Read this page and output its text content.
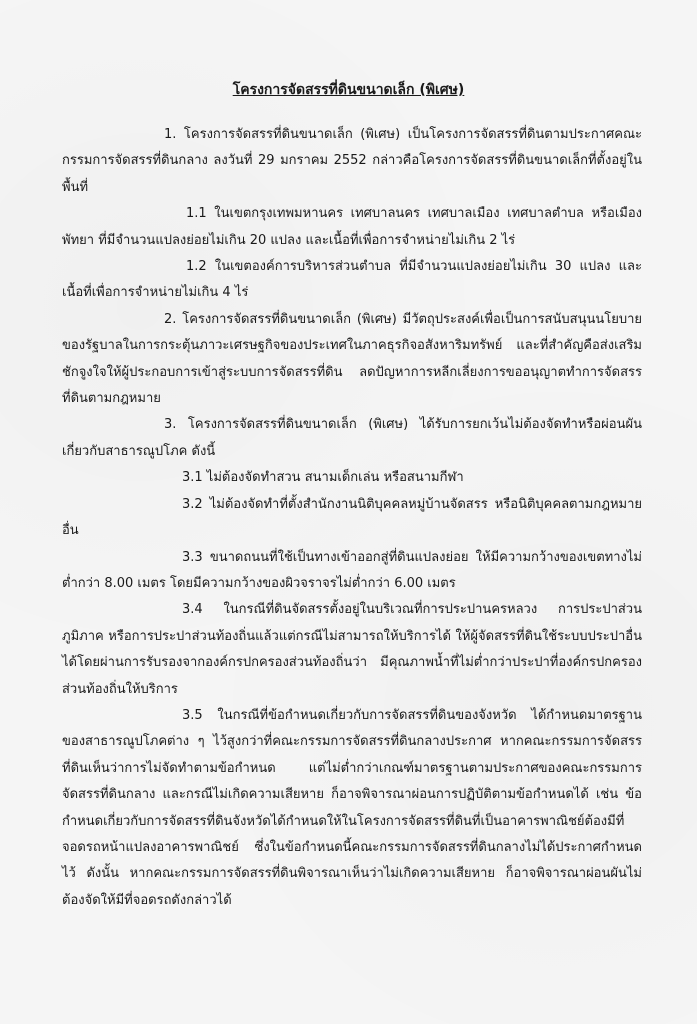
โครงการจัดสรรที่ดินขนาดเล็ก (พิเศษ)

1. โครงการจัดสรรที่ดินขนาดเล็ก (พิเศษ) เป็นโครงการจัดสรรที่ดินตามประกาศคณะกรรมการจัดสรรที่ดินกลาง ลงวันที่ 29 มกราคม 2552 กล่าวคือโครงการจัดสรรที่ดินขนาดเล็กที่ตั้งอยู่ในพื้นที่

1.1 ในเขตกรุงเทพมหานคร เทศบาลนคร เทศบาลเมือง เทศบาลตำบล หรือเมืองพัทยา ที่มีจำนวนแปลงย่อยไม่เกิน 20 แปลง และเนื้อที่เพื่อการจำหน่ายไม่เกิน 2 ไร่

1.2 ในเขตองค์การบริหารส่วนตำบล ที่มีจำนวนแปลงย่อยไม่เกิน 30 แปลง และเนื้อที่เพื่อการจำหน่ายไม่เกิน 4 ไร่

2. โครงการจัดสรรที่ดินขนาดเล็ก (พิเศษ) มีวัตถุประสงค์เพื่อเป็นการสนับสนุนนโยบายของรัฐบาลในการกระตุ้นภาวะเศรษฐกิจของประเทศในภาคธุรกิจอสังหาริมทรัพย์ และที่สำคัญคือส่งเสริมชักจูงใจให้ผู้ประกอบการเข้าสู่ระบบการจัดสรรที่ดิน ลดปัญหาการหลีกเลี่ยงการขออนุญาตทำการจัดสรรที่ดินตามกฎหมาย

3. โครงการจัดสรรที่ดินขนาดเล็ก (พิเศษ) ได้รับการยกเว้นไม่ต้องจัดทำหรือผ่อนผันเกี่ยวกับสาธารณูปโภค ดังนี้

3.1 ไม่ต้องจัดทำสวน สนามเด็กเล่น หรือสนามกีฬา

3.2 ไม่ต้องจัดทำที่ตั้งสำนักงานนิติบุคคลหมู่บ้านจัดสรร หรือนิติบุคคลตามกฎหมายอื่น

3.3 ขนาดถนนที่ใช้เป็นทางเข้าออกสู่ที่ดินแปลงย่อย ให้มีความกว้างของเขตทางไม่ต่ำกว่า 8.00 เมตร โดยมีความกว้างของผิวจราจรไม่ต่ำกว่า 6.00 เมตร

3.4 ในกรณีที่ดินจัดสรรตั้งอยู่ในบริเวณที่การประปานครหลวง การประปาส่วนภูมิภาค หรือการประปาส่วนท้องถิ่นแล้วแต่กรณีไม่สามารถให้บริการได้ ให้ผู้จัดสรรที่ดินใช้ระบบประปาอื่นได้โดยผ่านการรับรองจากองค์กรปกครองส่วนท้องถิ่นว่า มีคุณภาพน้ำที่ไม่ต่ำกว่าประปาที่องค์กรปกครองส่วนท้องถิ่นให้บริการ

3.5 ในกรณีที่ข้อกำหนดเกี่ยวกับการจัดสรรที่ดินของจังหวัด ได้กำหนดมาตรฐานของสาธารณูปโภคต่าง ๆ ไว้สูงกว่าที่คณะกรรมการจัดสรรที่ดินกลางประกาศ หากคณะกรรมการจัดสรรที่ดินเห็นว่าการไม่จัดทำตามข้อกำหนด แต่ไม่ต่ำกว่าเกณฑ์มาตรฐานตามประกาศของคณะกรรมการจัดสรรที่ดินกลาง และกรณีไม่เกิดความเสียหาย ก็อาจพิจารณาผ่อนการปฏิบัติตามข้อกำหนดได้ เช่น ข้อกำหนดเกี่ยวกับการจัดสรรที่ดินจังหวัดได้กำหนดให้ในโครงการจัดสรรที่ดินที่เป็นอาคารพาณิชย์ต้องมีที่จอดรถหน้าแปลงอาคารพาณิชย์ ซึ่งในข้อกำหนดนี้คณะกรรมการจัดสรรที่ดินกลางไม่ได้ประกาศกำหนดไว้ ดังนั้น หากคณะกรรมการจัดสรรที่ดินพิจารณาเห็นว่าไม่เกิดความเสียหาย ก็อาจพิจารณาผ่อนผันไม่ต้องจัดให้มีที่จอดรถดังกล่าวได้
